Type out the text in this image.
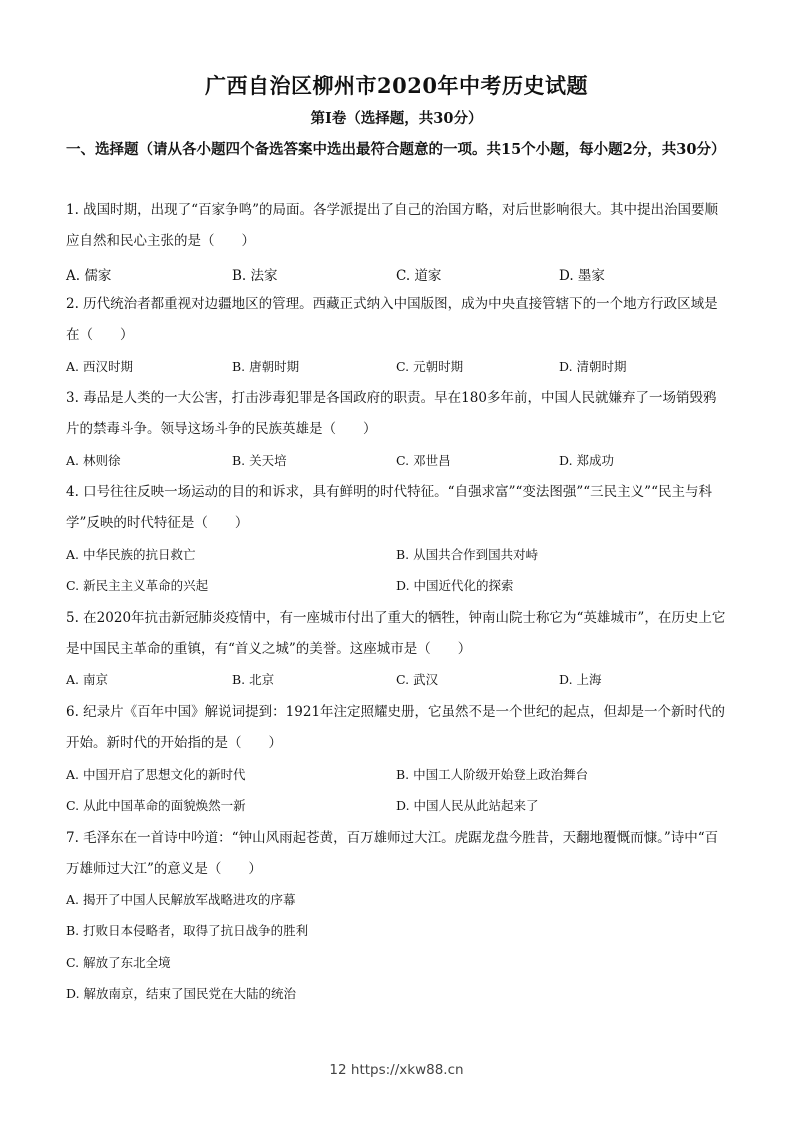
广西自治区柳州市2020年中考历史试题
第Ⅰ卷（选择题，共30分）
一、选择题（请从各小题四个备选答案中选出最符合题意的一项。共15个小题，每小题2分，共30分）
1. 战国时期，出现了“百家争鸣”的局面。各学派提出了自己的治国方略，对后世影响很大。其中提出治国要顺应自然和民心主张的是（　　）
A. 儒家	B. 法家	C. 道家	D. 墨家
2. 历代统治者都重视对边疆地区的管理。西藏正式纳入中国版图，成为中央直接管辖下的一个地方行政区域是在（　　）
A. 西汉时期	B. 唐朝时期	C. 元朝时期	D. 清朝时期
3. 毒品是人类的一大公害，打击涉毒犯罪是各国政府的职责。早在180多年前，中国人民就嫌弃了一场销毁鸦片的禁毒斗争。领导这场斗争的民族英雄是（　　）
A. 林则徐	B. 关天培	C. 邓世昌	D. 郑成功
4. 口号往往反映一场运动的目的和诉求，具有鲜明的时代特征。“自强求富”“变法图强”“三民主义”“民主与科学”反映的时代特征是（　　）
A. 中华民族的抗日救亡	B. 从国共合作到国共对峙
C. 新民主主义革命的兴起	D. 中国近代化的探索
5. 在2020年抗击新冠肺炎疫情中，有一座城市付出了重大的牺牲，钟南山院士称它为“英雄城市”，在历史上它是中国民主革命的重镇，有“首义之城”的美誉。这座城市是（　　）
A. 南京	B. 北京	C. 武汉	D. 上海
6. 纪录片《百年中国》解说词提到：1921年注定照耀史册，它虽然不是一个世纪的起点，但却是一个新时代的开始。新时代的开始指的是（　　）
A. 中国开启了思想文化的新时代	B. 中国工人阶级开始登上政治舞台
C. 从此中国革命的面貌焕然一新	D. 中国人民从此站起来了
7. 毛泽东在一首诗中吟道：“钟山风雨起苍黄，百万雄师过大江。虎踞龙盘今胜昔，天翻地覆慨而慷。”诗中“百万雄师过大江”的意义是（　　）
A. 揭开了中国人民解放军战略进攻的序幕
B. 打败日本侵略者，取得了抗日战争的胜利
C. 解放了东北全境
D. 解放南京，结束了国民党在大陆的统治
12 https://xkw88.cn
